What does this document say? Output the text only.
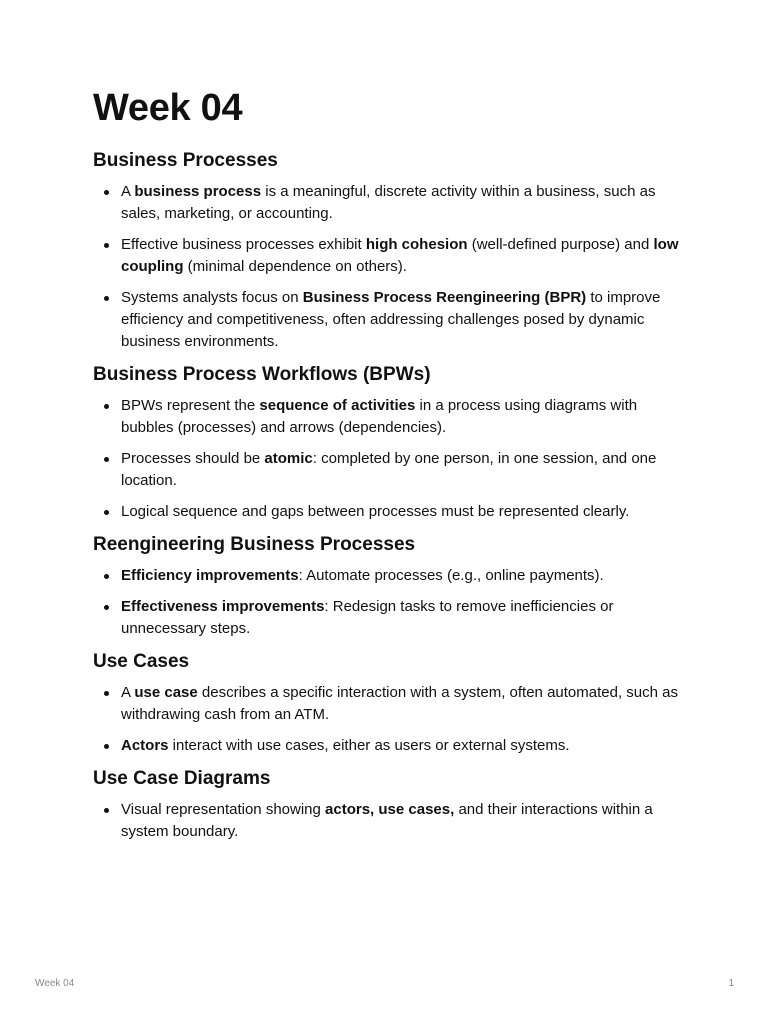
Week 04
Business Processes
A business process is a meaningful, discrete activity within a business, such as sales, marketing, or accounting.
Effective business processes exhibit high cohesion (well-defined purpose) and low coupling (minimal dependence on others).
Systems analysts focus on Business Process Reengineering (BPR) to improve efficiency and competitiveness, often addressing challenges posed by dynamic business environments.
Business Process Workflows (BPWs)
BPWs represent the sequence of activities in a process using diagrams with bubbles (processes) and arrows (dependencies).
Processes should be atomic: completed by one person, in one session, and one location.
Logical sequence and gaps between processes must be represented clearly.
Reengineering Business Processes
Efficiency improvements: Automate processes (e.g., online payments).
Effectiveness improvements: Redesign tasks to remove inefficiencies or unnecessary steps.
Use Cases
A use case describes a specific interaction with a system, often automated, such as withdrawing cash from an ATM.
Actors interact with use cases, either as users or external systems.
Use Case Diagrams
Visual representation showing actors, use cases, and their interactions within a system boundary.
Week 04	1
